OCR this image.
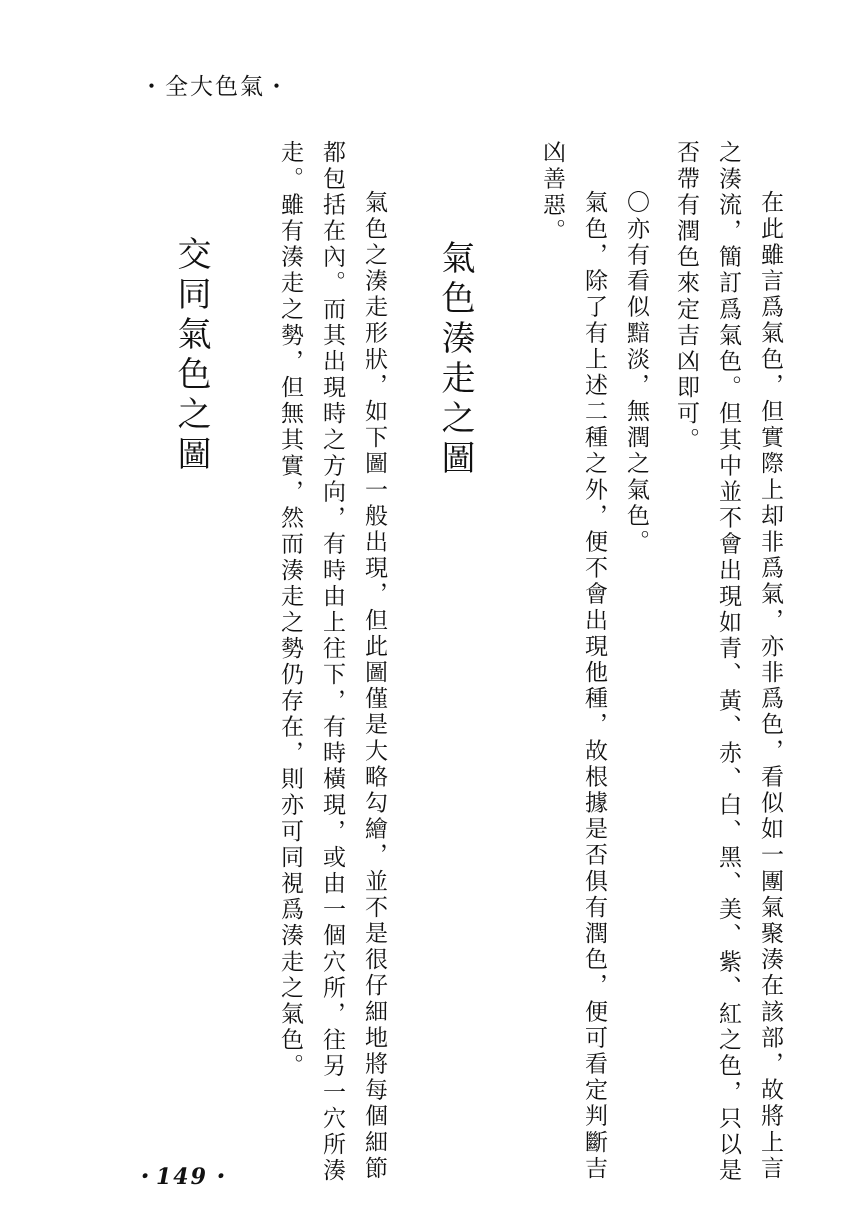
・全大色氣・
在此雖言爲氣色，但實際上却非爲氣，亦非爲色，看似如一團氣聚湊在該部，故將上言
之湊流，簡訂爲氣色。但其中並不會出現如青、黃、赤、白、黑、美、紫、紅之色，只以是
否帶有潤色來定吉凶即可。
〇亦有看似黯淡，無潤之氣色。
氣色，除了有上述二種之外，便不會出現他種，故根據是否俱有潤色，便可看定判斷吉
凶善惡。
氣色湊走之圖
氣色之湊走形狀，如下圖一般出現，但此圖僅是大略勾繪，並不是很仔細地將每個細節
都包括在內。而其出現時之方向，有時由上往下，有時橫現，或由一個穴所，往另一穴所湊
走。雖有湊走之勢，但無其實，然而湊走之勢仍存在，則亦可同視爲湊走之氣色。
交同氣色之圖
・149・
